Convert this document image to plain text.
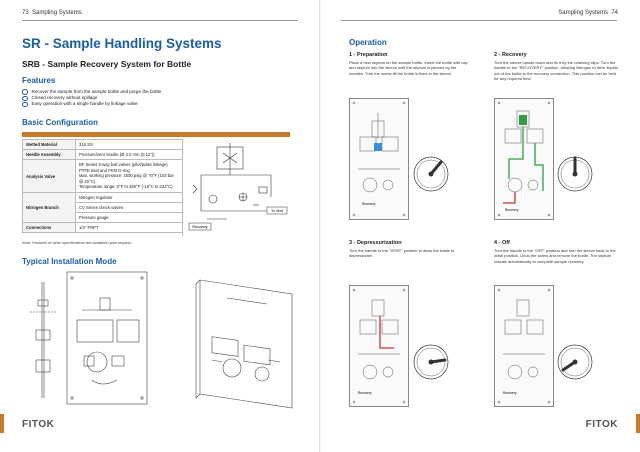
73 Sampling Systems
SR - Sample Handling Systems
SRB - Sample Recovery System for Bottle
Features
Recover the sample from the sample bottle and purge the bottle
Closed recovery without spillage
Easy operation with a single handle by linkage valve
Basic Configuration
Wetted Material	316 SS
Needle Assembly	Pressure/vent needle (Ø 3.0 mm (0.12"))
Analysis Valve	BF Series 3-way ball valves (pilot/pulse linkage)
PTFE seat and FKM O-ring
Max. working pressure: 1500 psig @ 70°F (103 bar @ 20°C)
Temperature range: 0°F to 450°F (-18°C to 232°C)

Nitrogen Branch	Nitrogen regulator
	CV Series check valves
	Pressure gauge
Connections	1/4" FNPT
To Vent
Recovery
Note: Features of other specifications are available upon request.
Typical Installation Mode
FITOK
Sampling Systems 74
Operation
1 - Preparation
Place a new septum on the sample bottle. Insert the bottle with cap and septum into the sleeve until the septum is pierced by the needles. Turn the screw till the bottle is fixed in the sleeve.
2 - Recovery
Turn the sleeve upside down and fix it by the retaining clips. Turn the handle to the "RECOVERY" position, allowing Nitrogen to drive liquids out of the bottle to the recovery connection. This position can be held for any required time.
Recovery
Recovery
3 - Depressurization
Turn the handle to the "VENT" position to allow the bottle to depressurize.
4 - Off
Turn the handle to the "OFF" position and turn the sleeve back to the initial position. Undo the screw and remove the bottle. The septum reseals automatically to complete sample recovery.
Recovery	Recovery
FITOK
